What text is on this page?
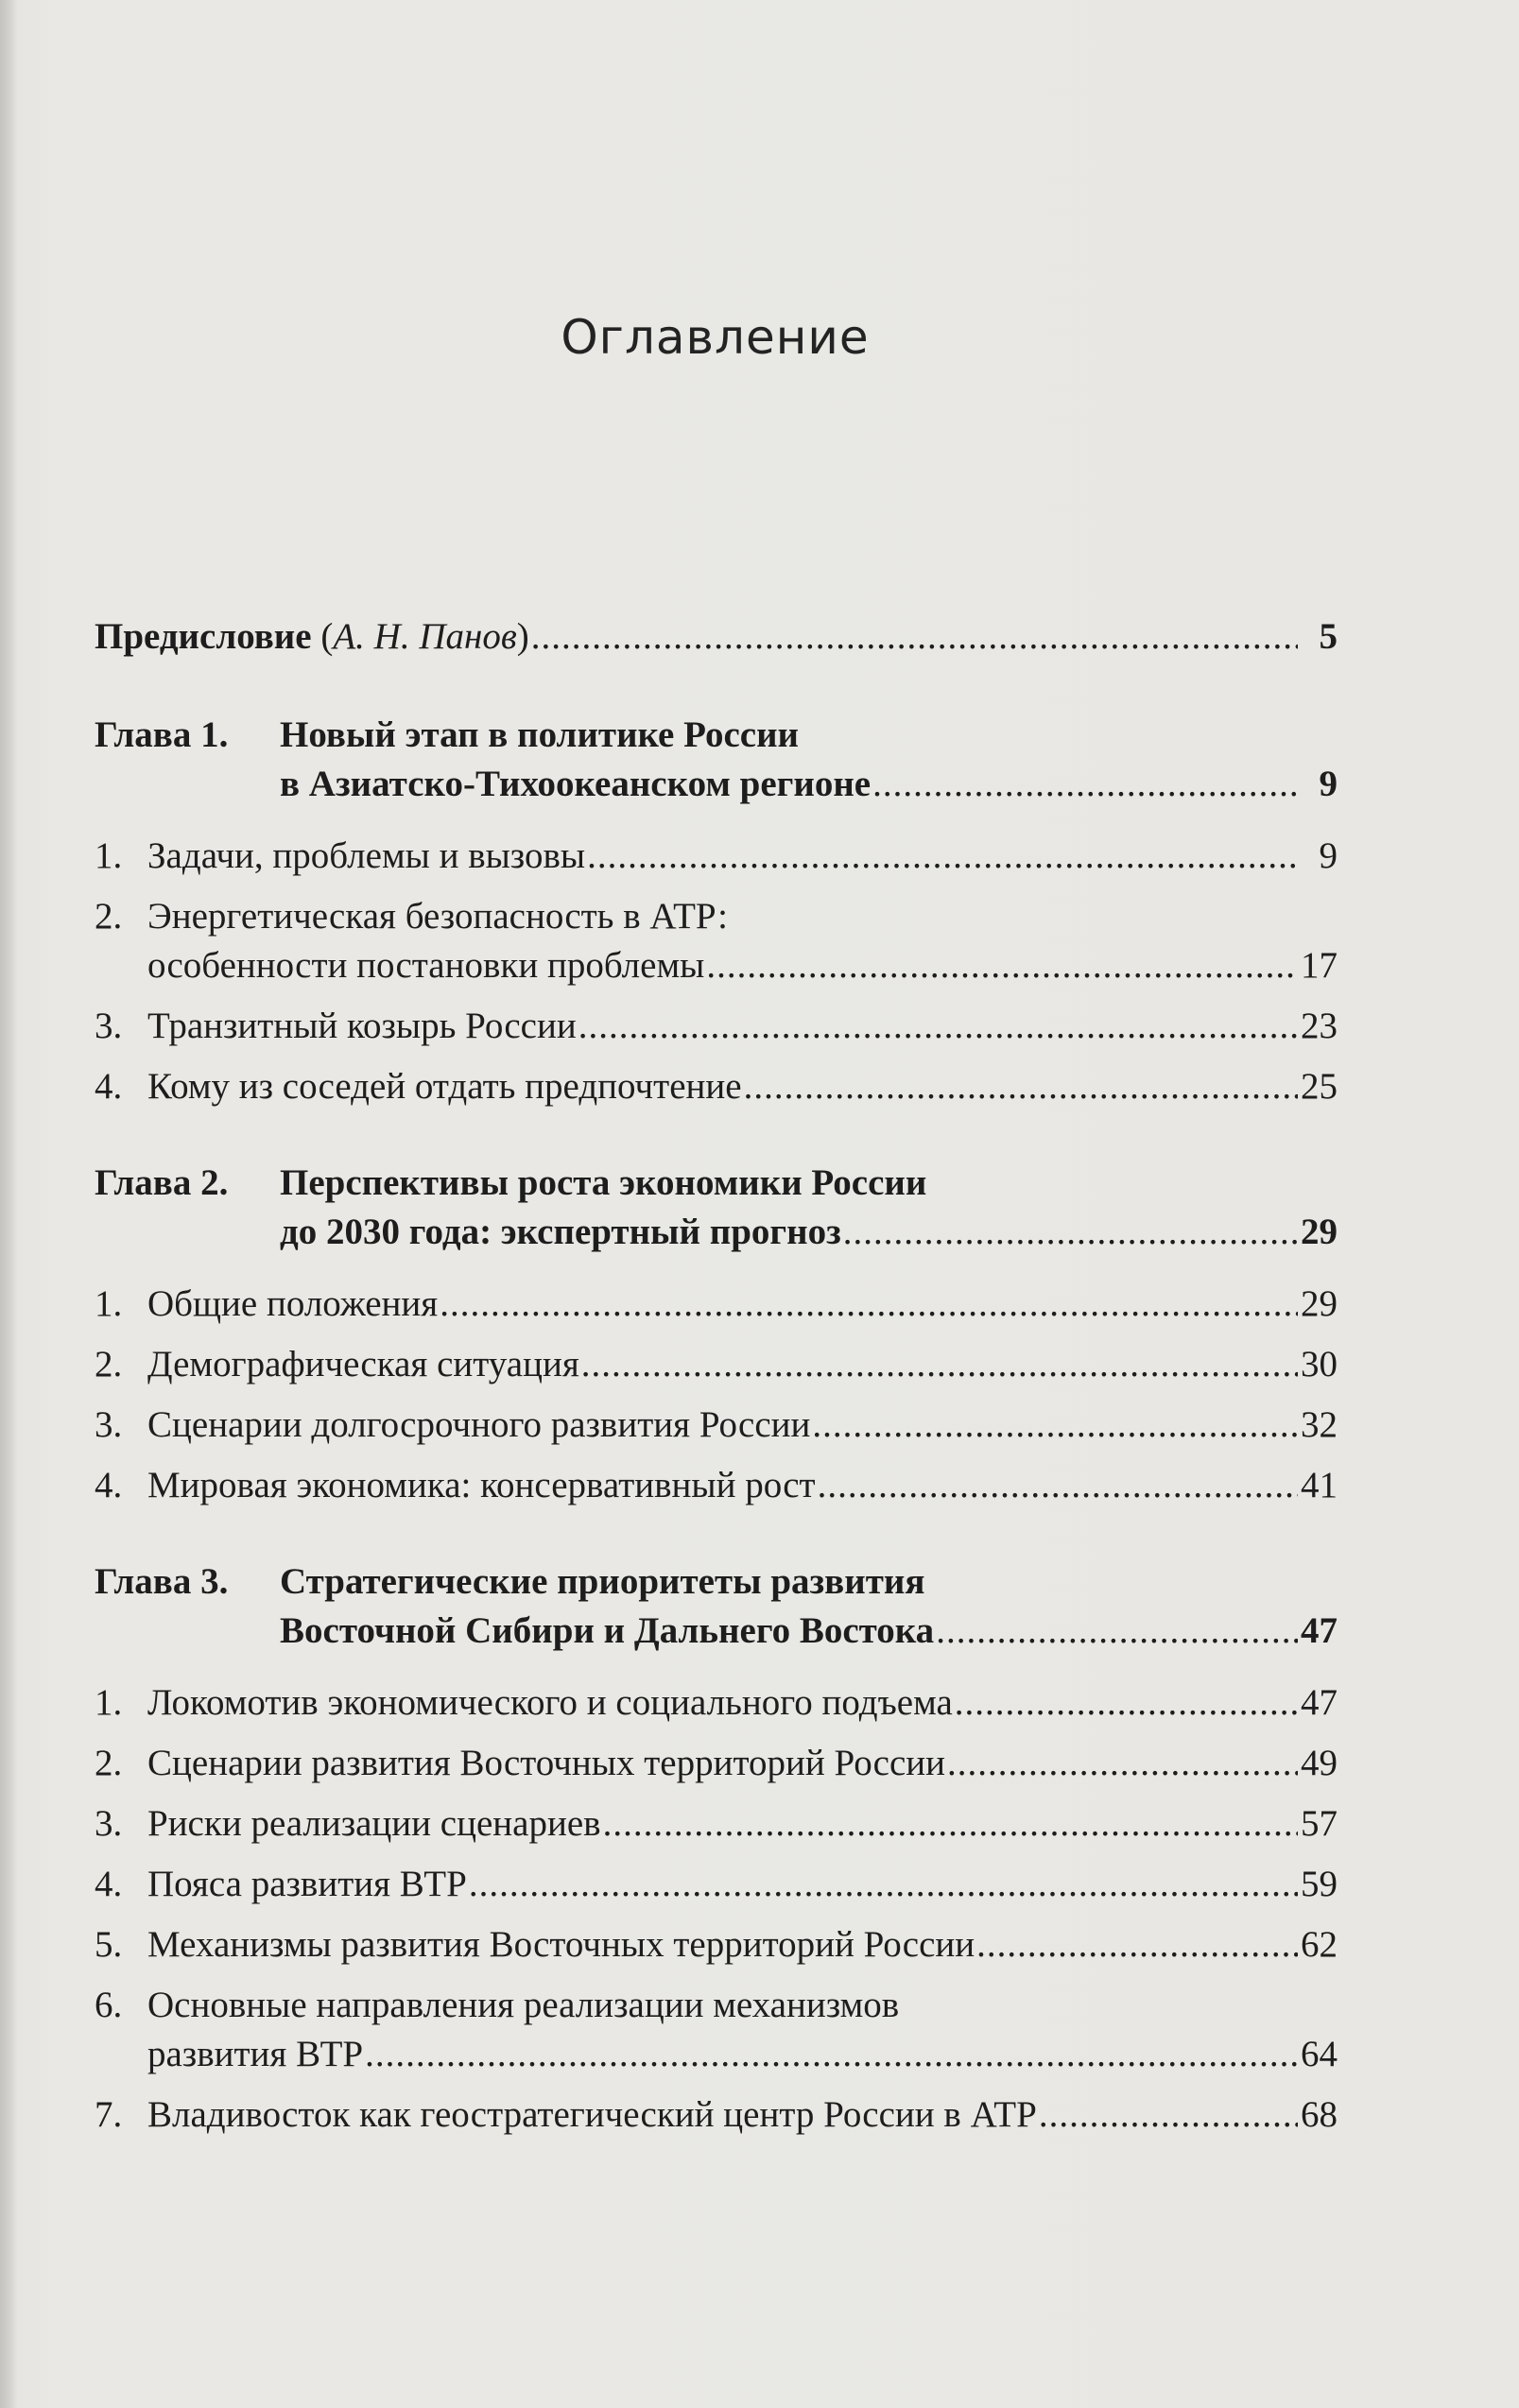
Оглавление
Предисловие (А. Н. Панов) .....	5
Глава 1.	Новый этап в политике России
в Азиатско-Тихоокеанском регионе .....	9
1. Задачи, проблемы и вызовы .....	9
2. Энергетическая безопасность в АТР:
особенности постановки проблемы .....	17
3. Транзитный козырь России .....	23
4. Кому из соседей отдать предпочтение .....	25
Глава 2.	Перспективы роста экономики России
до 2030 года: экспертный прогноз .....	29
1. Общие положения .....	29
2. Демографическая ситуация .....	30
3. Сценарии долгосрочного развития России .....	32
4. Мировая экономика: консервативный рост .....	41
Глава 3.	Стратегические приоритеты развития
Восточной Сибири и Дальнего Востока .....	47
1. Локомотив экономического и социального подъема .....	47
2. Сценарии развития Восточных территорий России .....	49
3. Риски реализации сценариев .....	57
4. Пояса развития ВТР .....	59
5. Механизмы развития Восточных территорий России .....	62
6. Основные направления реализации механизмов
развития ВТР .....	64
7. Владивосток как геостратегический центр России в АТР .....	68
